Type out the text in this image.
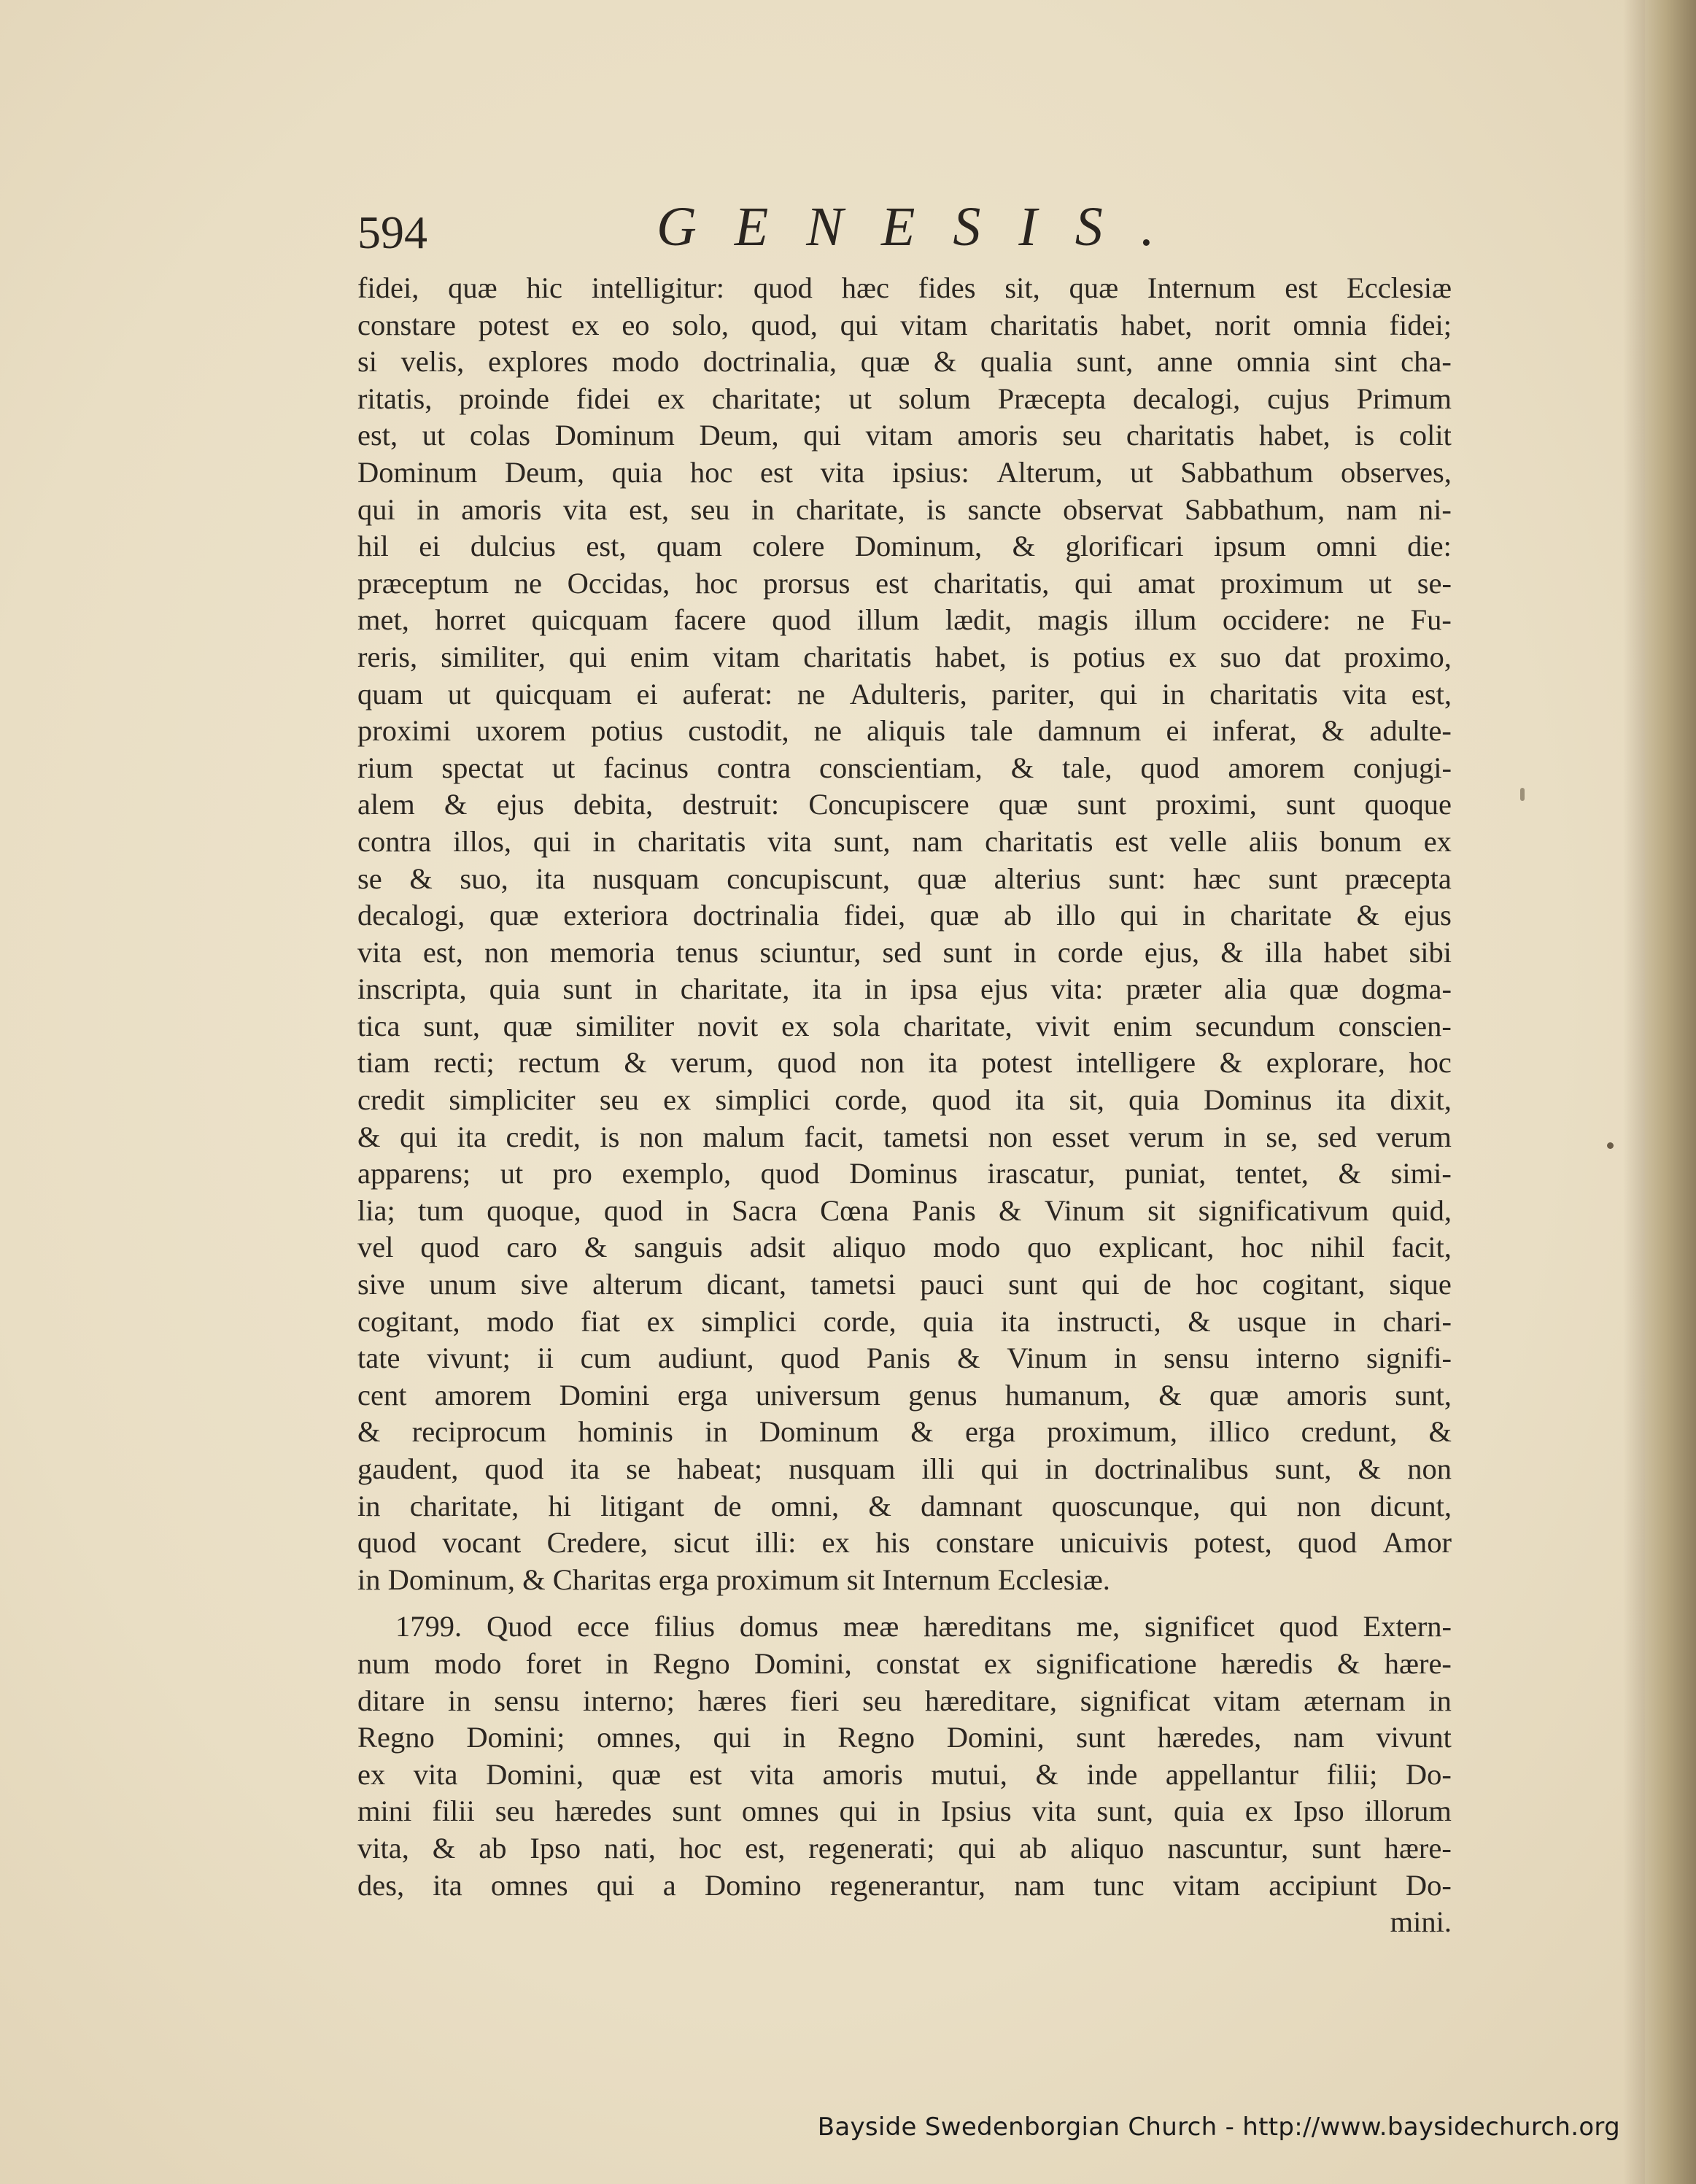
594	GENESIS.
fidei, quæ hic intelligitur: quod hæc fides sit, quæ Internum est Ecclesiæ
constare potest ex eo solo, quod, qui vitam charitatis habet, norit omnia fidei;
si velis, explores modo doctrinalia, quæ & qualia sunt, anne omnia sint cha-
ritatis, proinde fidei ex charitate; ut solum Præcepta decalogi, cujus Primum
est, ut colas Dominum Deum, qui vitam amoris seu charitatis habet, is colit
Dominum Deum, quia hoc est vita ipsius: Alterum, ut Sabbathum observes,
qui in amoris vita est, seu in charitate, is sancte observat Sabbathum, nam ni-
hil ei dulcius est, quam colere Dominum, & glorificari ipsum omni die:
præceptum ne Occidas, hoc prorsus est charitatis, qui amat proximum ut se-
met, horret quicquam facere quod illum lædit, magis illum occidere: ne Fu-
reris, similiter, qui enim vitam charitatis habet, is potius ex suo dat proximo,
quam ut quicquam ei auferat: ne Adulteris, pariter, qui in charitatis vita est,
proximi uxorem potius custodit, ne aliquis tale damnum ei inferat, & adulte-
rium spectat ut facinus contra conscientiam, & tale, quod amorem conjugi-
alem & ejus debita, destruit: Concupiscere quæ sunt proximi, sunt quoque
contra illos, qui in charitatis vita sunt, nam charitatis est velle aliis bonum ex
se & suo, ita nusquam concupiscunt, quæ alterius sunt: hæc sunt præcepta
decalogi, quæ exteriora doctrinalia fidei, quæ ab illo qui in charitate & ejus
vita est, non memoria tenus sciuntur, sed sunt in corde ejus, & illa habet sibi
inscripta, quia sunt in charitate, ita in ipsa ejus vita: præter alia quæ dogma-
tica sunt, quæ similiter novit ex sola charitate, vivit enim secundum conscien-
tiam recti; rectum & verum, quod non ita potest intelligere & explorare, hoc
credit simpliciter seu ex simplici corde, quod ita sit, quia Dominus ita dixit,
& qui ita credit, is non malum facit, tametsi non esset verum in se, sed verum
apparens; ut pro exemplo, quod Dominus irascatur, puniat, tentet, & simi-
lia; tum quoque, quod in Sacra Cœna Panis & Vinum sit significativum quid,
vel quod caro & sanguis adsit aliquo modo quo explicant, hoc nihil facit,
sive unum sive alterum dicant, tametsi pauci sunt qui de hoc cogitant, sique
cogitant, modo fiat ex simplici corde, quia ita instructi, & usque in chari-
tate vivunt; ii cum audiunt, quod Panis & Vinum in sensu interno signifi-
cent amorem Domini erga universum genus humanum, & quæ amoris sunt,
& reciprocum hominis in Dominum & erga proximum, illico credunt, &
gaudent, quod ita se habeat; nusquam illi qui in doctrinalibus sunt, & non
in charitate, hi litigant de omni, & damnant quoscunque, qui non dicunt,
quod vocant Credere, sicut illi: ex his constare unicuivis potest, quod Amor
in Dominum, & Charitas erga proximum sit Internum Ecclesiæ.
1799. Quod ecce filius domus meæ hæreditans me, significet quod Extern-
num modo foret in Regno Domini, constat ex significatione hæredis & hære-
ditare in sensu interno; hæres fieri seu hæreditare, significat vitam æternam in
Regno Domini; omnes, qui in Regno Domini, sunt hæredes, nam vivunt
ex vita Domini, quæ est vita amoris mutui, & inde appellantur filii; Do-
mini filii seu hæredes sunt omnes qui in Ipsius vita sunt, quia ex Ipso illorum
vita, & ab Ipso nati, hoc est, regenerati; qui ab aliquo nascuntur, sunt hære-
des, ita omnes qui a Domino regenerantur, nam tunc vitam accipiunt Do-
mini.
Bayside Swedenborgian Church - http://www.baysidechurch.org
